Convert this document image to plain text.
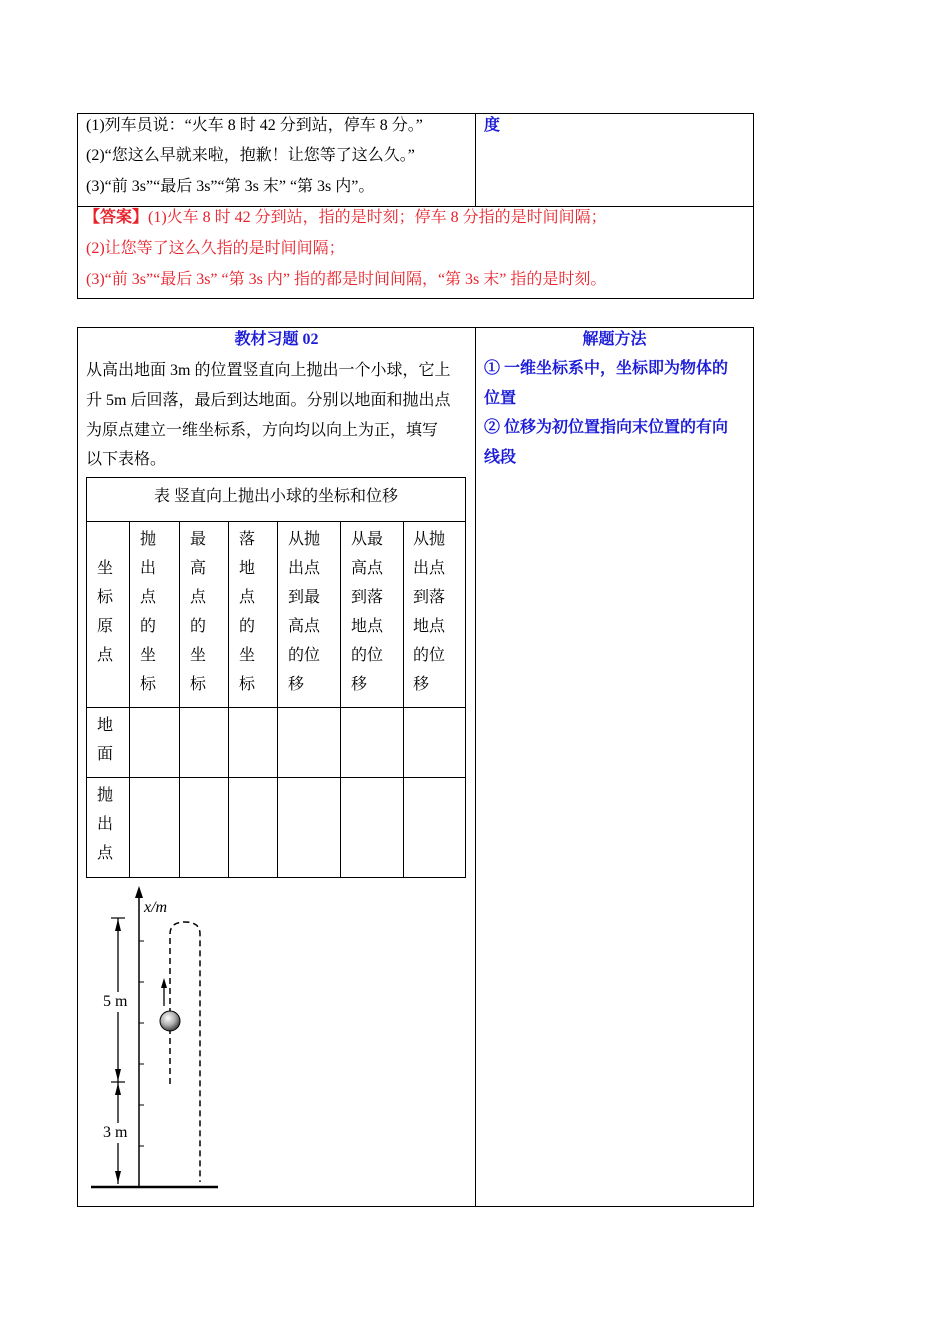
(1)列车员说：“火车 8 时 42 分到站，停车 8 分。”
(2)“您这么早就来啦，抱歉！让您等了这么久。”
(3)“前 3s”“最后 3s”“第 3s 末” “第 3s 内”。
度
【答案】(1)火车 8 时 42 分到站，指的是时刻；停车 8 分指的是时间间隔；
(2)让您等了这么久指的是时间间隔；
(3)“前 3s”“最后 3s” “第 3s 内” 指的都是时间间隔，“第 3s 末” 指的是时刻。
教材习题 02	解题方法
从高出地面 3m 的位置竖直向上抛出一个小球，它上
升 5m 后回落，最后到达地面。分别以地面和抛出点
为原点建立一维坐标系，方向均以向上为正，填写
以下表格。
① 一维坐标系中，坐标即为物体的
位置
② 位移为初位置指向末位置的有向
线段
表 竖直向上抛出小球的坐标和位移
坐
标
原
点
抛
出
点
的
坐
标
最
高
点
的
坐
标
落
地
点
的
坐
标
从抛
出点
到最
高点
的位
移
从最
高点
到落
地点
的位
移
从抛
出点
到落
地点
的位
移
地
面
抛
出
点
x/m
5 m
3 m
